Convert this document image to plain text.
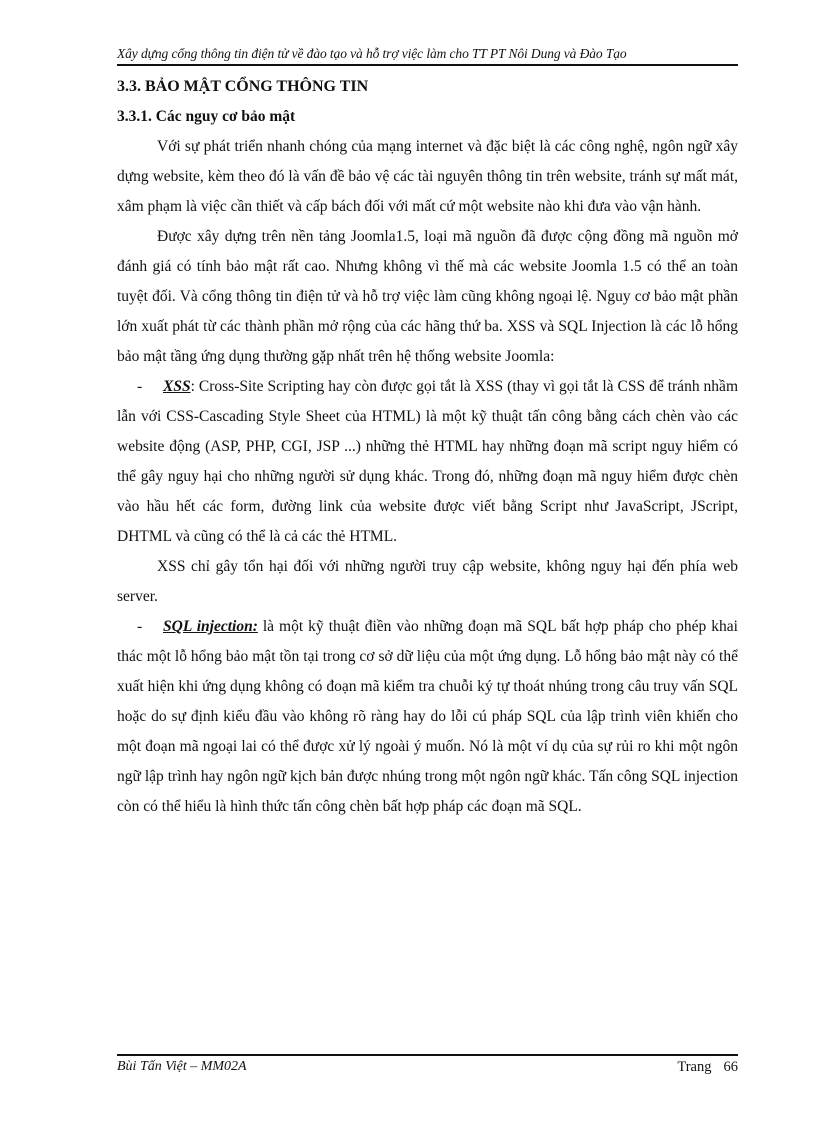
Xây dựng cổng thông tin điện tử về đào tạo và hỗ trợ việc làm cho TT PT Nôi Dung và Đào Tạo

3.3. BẢO MẬT CỔNG THÔNG TIN

3.3.1. Các nguy cơ bảo mật

Với sự phát triển nhanh chóng của mạng internet và đặc biệt là các công nghệ, ngôn ngữ xây dựng website, kèm theo đó là vấn đề bảo vệ các tài nguyên thông tin trên website, tránh sự mất mát, xâm phạm là việc cần thiết và cấp bách đối với mất cứ một website nào khi đưa vào vận hành.

Được xây dựng trên nền tảng Joomla1.5, loại mã nguồn đã được cộng đồng mã nguồn mở đánh giá có tính bảo mật rất cao. Nhưng không vì thế mà các website Joomla 1.5 có thể an toàn tuyệt đối. Và cổng thông tin điện tử và hỗ trợ việc làm cũng không ngoại lệ. Nguy cơ bảo mật phần lớn xuất phát từ các thành phần mở rộng của các hãng thứ ba. XSS và SQL Injection là các lỗ hổng bảo mật tầng ứng dụng thường gặp nhất trên hệ thống website Joomla:

- XSS: Cross-Site Scripting hay còn được gọi tắt là XSS (thay vì gọi tắt là CSS để tránh nhầm lẫn với CSS-Cascading Style Sheet của HTML) là một kỹ thuật tấn công bằng cách chèn vào các website động (ASP, PHP, CGI, JSP ...) những thẻ HTML hay những đoạn mã script nguy hiểm có thể gây nguy hại cho những người sử dụng khác. Trong đó, những đoạn mã nguy hiểm được chèn vào hầu hết các form, đường link của website được viết bằng Script như JavaScript, JScript, DHTML và cũng có thể là cả các thẻ HTML.

XSS chỉ gây tổn hại đối với những người truy cập website, không nguy hại đến phía web server.

- SQL injection: là một kỹ thuật điền vào những đoạn mã SQL bất hợp pháp cho phép khai thác một lỗ hổng bảo mật tồn tại trong cơ sở dữ liệu của một ứng dụng. Lỗ hổng bảo mật này có thể xuất hiện khi ứng dụng không có đoạn mã kiểm tra chuỗi ký tự thoát nhúng trong câu truy vấn SQL hoặc do sự định kiểu đầu vào không rõ ràng hay do lỗi cú pháp SQL của lập trình viên khiến cho một đoạn mã ngoại lai có thể được xử lý ngoài ý muốn. Nó là một ví dụ của sự rủi ro khi một ngôn ngữ lập trình hay ngôn ngữ kịch bản được nhúng trong một ngôn ngữ khác. Tấn công SQL injection còn có thể hiểu là hình thức tấn công chèn bất hợp pháp các đoạn mã SQL.

Bùi Tấn Việt – MM02A	Trang 66
